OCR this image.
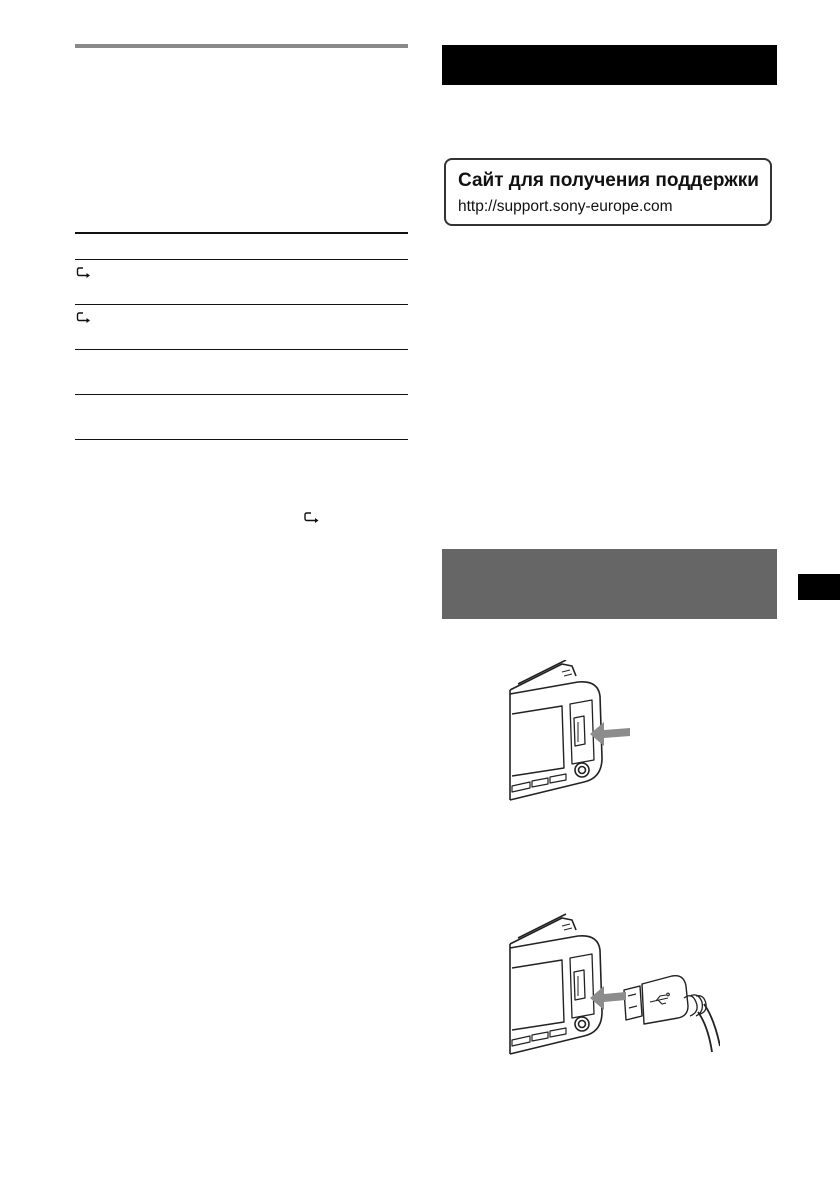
Сайт для получения поддержки
http://support.sony-europe.com
